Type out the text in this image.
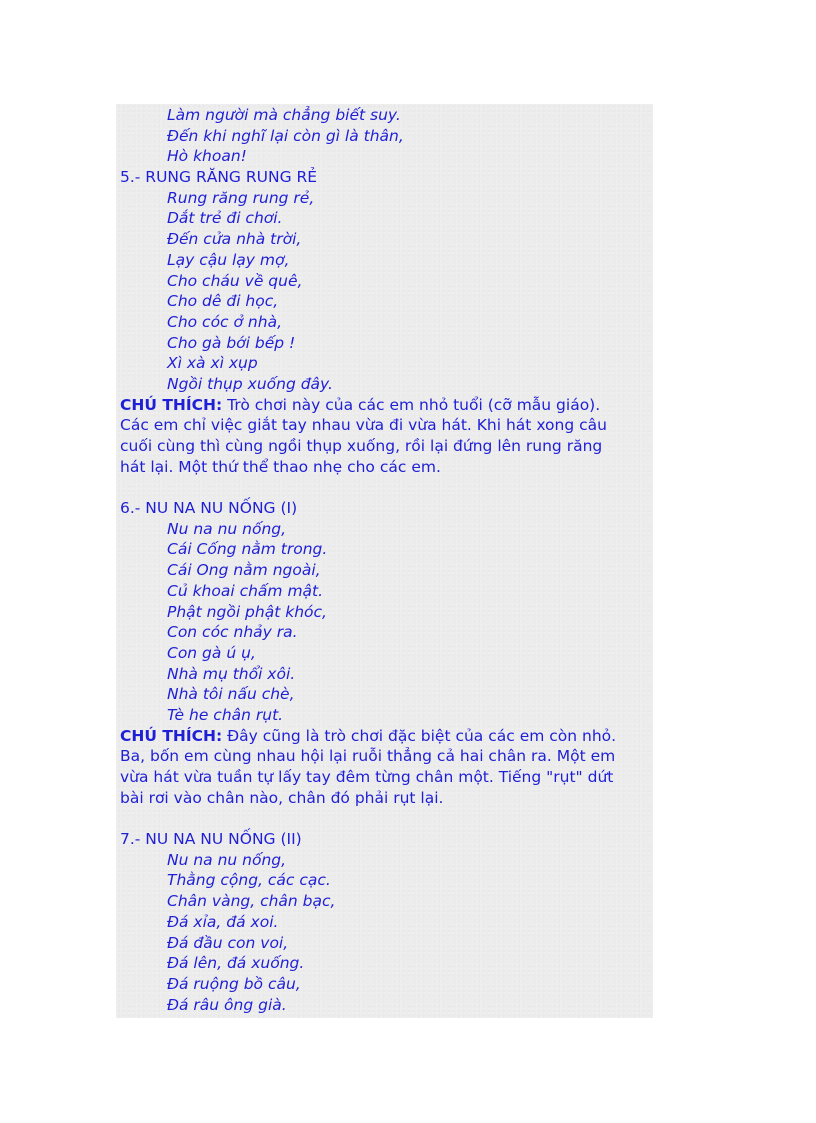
Làm người mà chẳng biết suy.
Đến khi nghĩ lại còn gì là thân,
Hò khoan!
5.- RUNG RĂNG RUNG RẺ
Rung răng rung rẻ,
Dắt trẻ đi chơi.
Đến cửa nhà trời,
Lạy cậu lạy mợ,
Cho cháu về quê,
Cho dê đi học,
Cho cóc ở nhà,
Cho gà bới bếp !
Xì xà xì xụp
Ngồi thụp xuống đây.
CHÚ THÍCH: Trò chơi này của các em nhỏ tuổi (cỡ mẫu giáo).
Các em chỉ việc giắt tay nhau vừa đi vừa hát. Khi hát xong câu
cuối cùng thì cùng ngồi thụp xuống, rồi lại đứng lên rung răng
hát lại. Một thứ thể thao nhẹ cho các em.
6.- NU NA NU NỐNG (I)
Nu na nu nống,
Cái Cống nằm trong.
Cái Ong nằm ngoài,
Củ khoai chấm mật.
Phật ngồi phật khóc,
Con cóc nhảy ra.
Con gà ú ụ,
Nhà mụ thổi xôi.
Nhà tôi nấu chè,
Tè he chân rụt.
CHÚ THÍCH: Đây cũng là trò chơi đặc biệt của các em còn nhỏ.
Ba, bốn em cùng nhau hội lại ruỗi thẳng cả hai chân ra. Một em
vừa hát vừa tuần tự lấy tay đêm từng chân một. Tiếng "rụt" dứt
bài rơi vào chân nào, chân đó phải rụt lại.
7.- NU NA NU NỐNG (II)
Nu na nu nống,
Thằng cộng, các cạc.
Chân vàng, chân bạc,
Đá xỉa, đá xoi.
Đá đầu con voi,
Đá lên, đá xuống.
Đá ruộng bồ câu,
Đá râu ông già.
